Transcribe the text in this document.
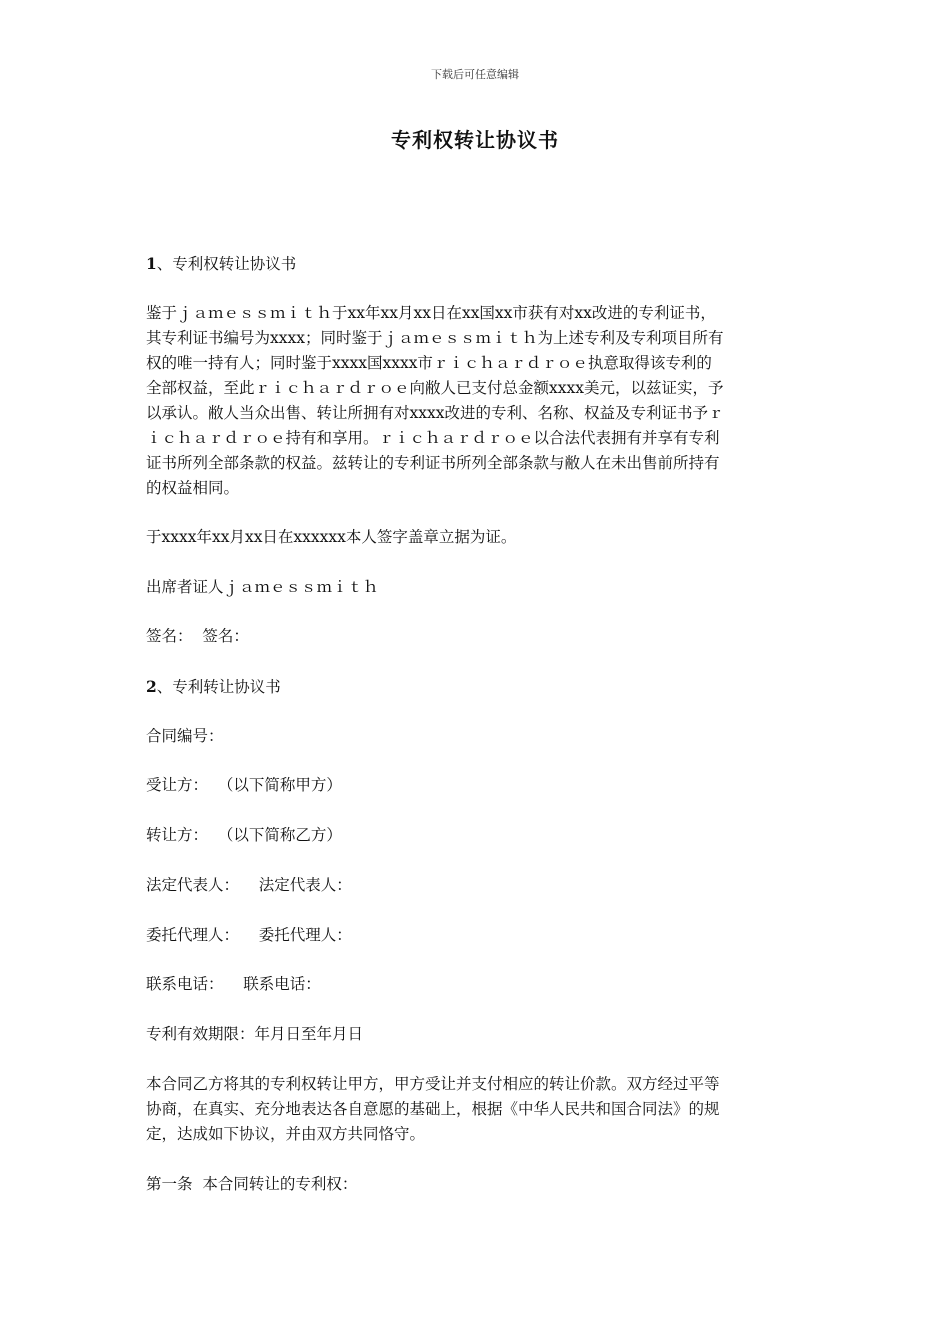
下载后可任意编辑
专利权转让协议书
1、专利权转让协议书
鉴于ｊａｍｅｓｓｍｉｔｈ于xx年xx月xx日在xx国xx市获有对xx改进的专利证书，
其专利证书编号为xxxx；同时鉴于ｊａｍｅｓｓｍｉｔｈ为上述专利及专利项目所有
权的唯一持有人；同时鉴于xxxx国xxxx市ｒｉｃｈａｒｄｒｏｅ执意取得该专利的
全部权益，至此ｒｉｃｈａｒｄｒｏｅ向敝人已支付总金额xxxx美元，以兹证实，予
以承认。敝人当众出售、转让所拥有对xxxx改进的专利、名称、权益及专利证书予ｒ
ｉｃｈａｒｄｒｏｅ持有和享用。ｒｉｃｈａｒｄｒｏｅ以合法代表拥有并享有专利
证书所列全部条款的权益。兹转让的专利证书所列全部条款与敝人在未出售前所持有
的权益相同。
于xxxx年xx月xx日在xxxxxx本人签字盖章立据为证。
出席者证人ｊａｍｅｓｓｍｉｔｈ
签名：  签名：
2、专利转让协议书
合同编号：
受让方：  （以下简称甲方）
转让方：  （以下简称乙方）
法定代表人：    法定代表人：
委托代理人：    委托代理人：
联系电话：    联系电话：
专利有效期限：年月日至年月日
本合同乙方将其的专利权转让甲方，甲方受让并支付相应的转让价款。双方经过平等
协商，在真实、充分地表达各自意愿的基础上，根据《中华人民共和国合同法》的规
定，达成如下协议，并由双方共同恪守。
第一条  本合同转让的专利权：
